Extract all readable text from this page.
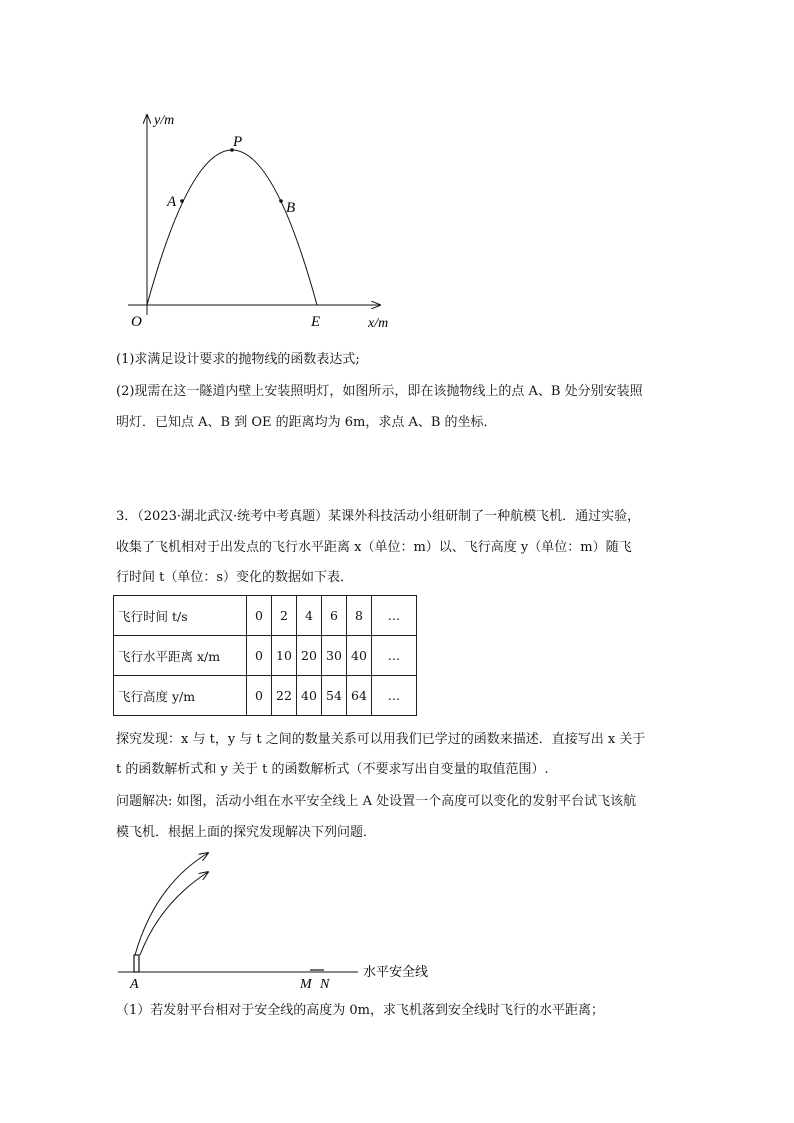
y/m
x/m
O
P
A	B
E

(1)求满足设计要求的抛物线的函数表达式;

(2)现需在这一隧道内壁上安装照明灯，如图所示，即在该抛物线上的点 A、B 处分别安装照

明灯．已知点 A、B 到 OE 的距离均为 6m，求点 A、B 的坐标．

3．（2023·湖北武汉·统考中考真题）某课外科技活动小组研制了一种航模飞机．通过实验，

收集了飞机相对于出发点的飞行水平距离 x（单位：m）以、飞行高度 y（单位：m）随飞

行时间 t（单位：s）变化的数据如下表．

飞行时间 t/s	0	2	4	6	8	…
飞行水平距离 x/m	0	10	20	30	40	…
飞行高度 y/m	0	22	40	54	64	…

探究发现：x 与 t，y 与 t 之间的数量关系可以用我们已学过的函数来描述．直接写出 x 关于

t 的函数解析式和 y 关于 t 的函数解析式（不要求写出自变量的取值范围）.

问题解决: 如图，活动小组在水平安全线上 A 处设置一个高度可以变化的发射平台试飞该航

模飞机．根据上面的探究发现解决下列问题．

A	M N
水平安全线

（1）若发射平台相对于安全线的高度为 0m，求飞机落到安全线时飞行的水平距离；
